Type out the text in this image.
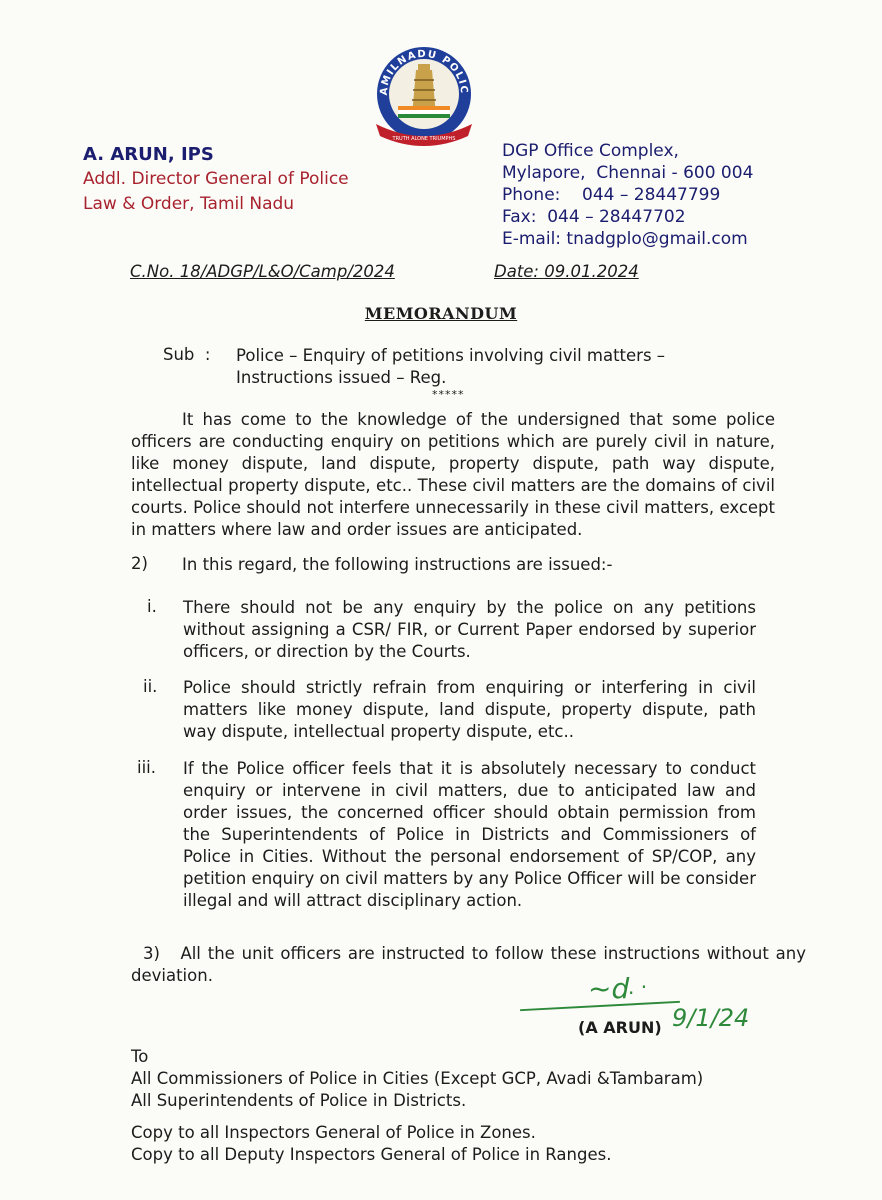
AMILNADU POLIC
TRUTH ALONE TRIUMPHS
A. ARUN, IPS
Addl. Director General of Police
Law & Order, Tamil Nadu
DGP Office Complex,
Mylapore,  Chennai - 600 004
Phone:    044 – 28447799
Fax:  044 – 28447702
E-mail: tnadgplo@gmail.com
C.No. 18/ADGP/L&O/Camp/2024	Date: 09.01.2024
MEMORANDUM
Sub  : Police – Enquiry of petitions involving civil matters – Instructions issued – Reg.
*****
It has come to the knowledge of the undersigned that some police officers are conducting enquiry on petitions which are purely civil in nature, like money dispute, land dispute, property dispute, path way dispute, intellectual property dispute, etc.. These civil matters are the domains of civil courts. Police should not interfere unnecessarily in these civil matters, except in matters where law and order issues are anticipated.
2) In this regard, the following instructions are issued:-
i. There should not be any enquiry by the police on any petitions without assigning a CSR/ FIR, or Current Paper endorsed by superior officers, or direction by the Courts.
ii. Police should strictly refrain from enquiring or interfering in civil matters like money dispute, land dispute, property dispute, path way dispute, intellectual property dispute, etc..
iii. If the Police officer feels that it is absolutely necessary to conduct enquiry or intervene in civil matters, due to anticipated law and order issues, the concerned officer should obtain permission from the Superintendents of Police in Districts and Commissioners of Police in Cities. Without the personal endorsement of SP/COP, any petition enquiry on civil matters by any Police Officer will be consider illegal and will attract disciplinary action.
3) All the unit officers are instructed to follow these instructions without any deviation.	~d
. ·
(A ARUN) 9/1/24
To
All Commissioners of Police in Cities (Except GCP, Avadi &Tambaram)
All Superintendents of Police in Districts.
Copy to all Inspectors General of Police in Zones.
Copy to all Deputy Inspectors General of Police in Ranges.
